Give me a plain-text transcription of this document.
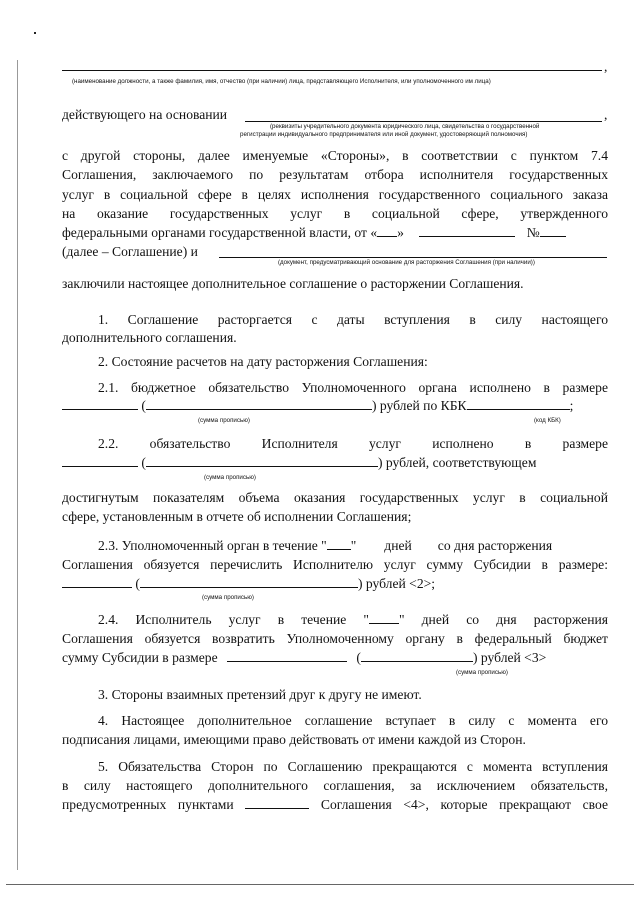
,
(наименование должности, а также фамилия, имя, отчество (при наличии) лица, представляющего Исполнителя, или уполномоченного им лица)
действующего на основании	,
(реквизиты учредительного документа юридического лица, свидетельства о государственной
регистрации индивидуального предпринимателя или иной документ, удостоверяющий полномочия)
с другой стороны, далее именуемые «Стороны», в соответствии с пунктом 7.4
Соглашения, заключаемого по результатам отбора исполнителя государственных
услуг в социальной сфере в целях исполнения государственного социального заказа
на оказание государственных услуг в социальной сфере, утвержденного
федеральными органами государственной власти, от « »	№
(далее – Соглашение) и
(документ, предусматривающий основание для расторжения Соглашения (при наличии))
заключили настоящее дополнительное соглашение о расторжении Соглашения.
1. Соглашение расторгается с даты вступления в силу настоящего
дополнительного соглашения.
2. Состояние расчетов на дату расторжения Соглашения:
2.1. бюджетное обязательство Уполномоченного органа исполнено в размере
(	) рублей по КБК	;
(сумма прописью)	(код КБК)
2.2. обязательство Исполнителя услуг исполнено в размере
(	) рублей, соответствующем
(сумма прописью)
достигнутым показателям объема оказания государственных услуг в социальной
сфере, установленным в отчете об исполнении Соглашения;
2.3. Уполномоченный орган в течение " " дней со дня расторжения
Соглашения обязуется перечислить Исполнителю услуг сумму Субсидии в размере:
(	) рублей <2>;
(сумма прописью)
2.4. Исполнитель услуг в течение " " дней со дня расторжения
Соглашения обязуется возвратить Уполномоченному органу в федеральный бюджет
сумму Субсидии в размере	(	) рублей <3>
(сумма прописью)
3. Стороны взаимных претензий друг к другу не имеют.
4. Настоящее дополнительное соглашение вступает в силу с момента его
подписания лицами, имеющими право действовать от имени каждой из Сторон.
5. Обязательства Сторон по Соглашению прекращаются с момента вступления
в силу настоящего дополнительного соглашения, за исключением обязательств,
предусмотренных пунктами	Соглашения <4>, которые прекращают свое
